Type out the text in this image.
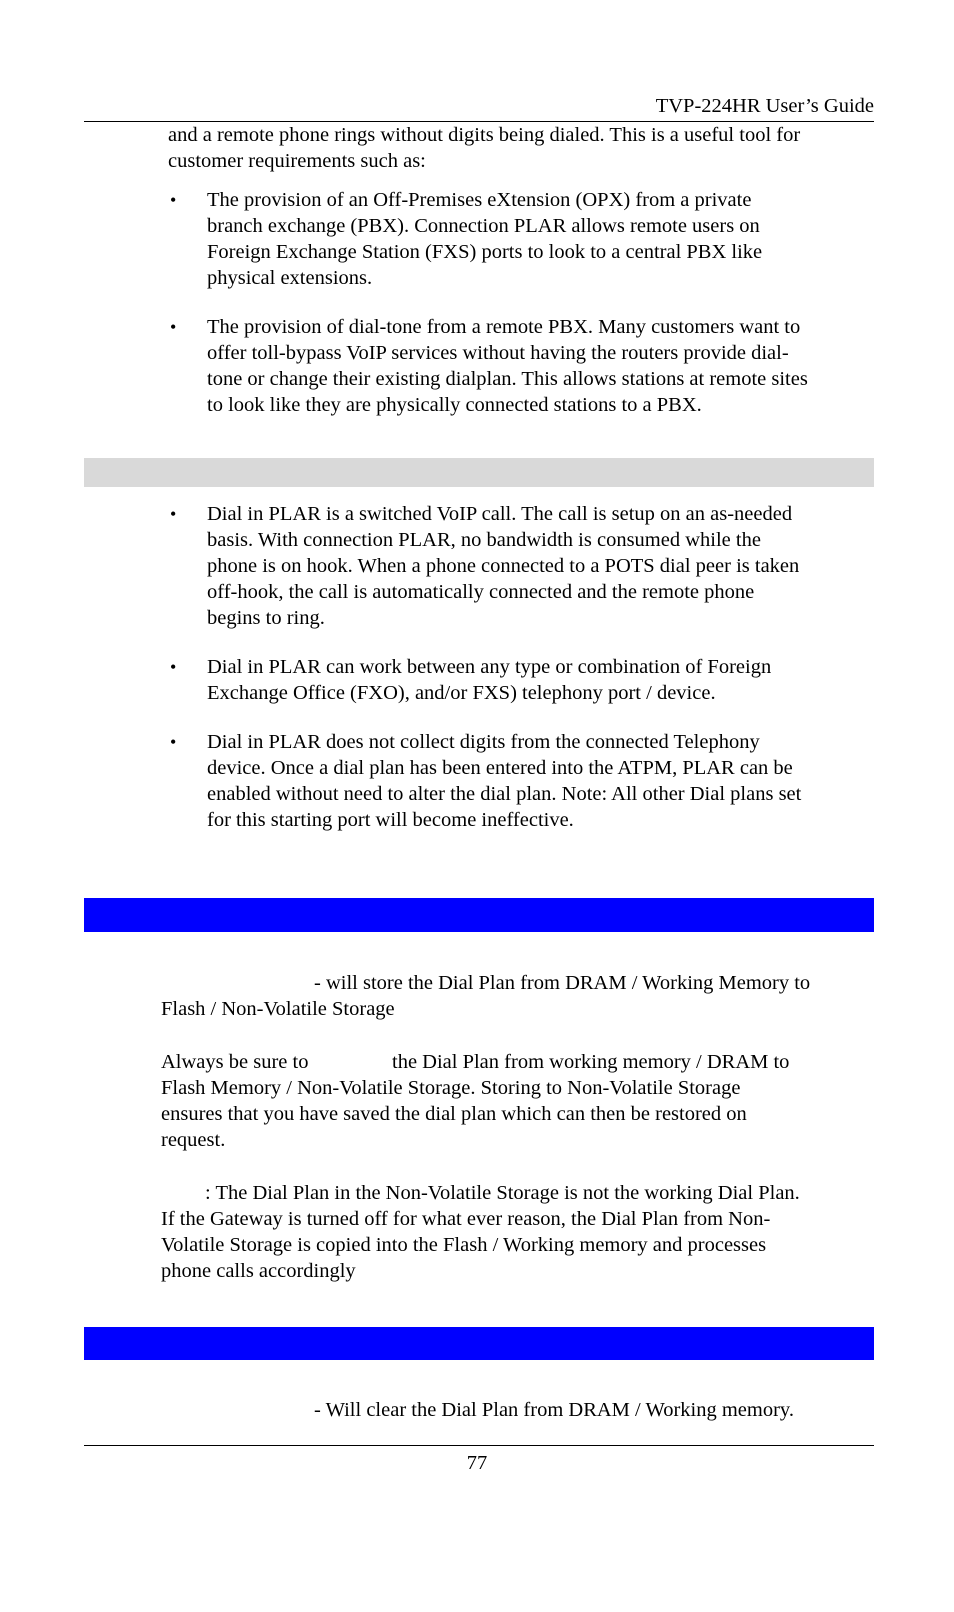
TVP-224HR User’s Guide
and a remote phone rings without digits being dialed. This is a useful tool for
customer requirements such as:
• The provision of an Off-Premises eXtension (OPX) from a private
branch exchange (PBX). Connection PLAR allows remote users on
Foreign Exchange Station (FXS) ports to look to a central PBX like
physical extensions.
• The provision of dial-tone from a remote PBX. Many customers want to
offer toll-bypass VoIP services without having the routers provide dial-
tone or change their existing dialplan. This allows stations at remote sites
to look like they are physically connected stations to a PBX.
• Dial in PLAR is a switched VoIP call. The call is setup on an as-needed
basis. With connection PLAR, no bandwidth is consumed while the
phone is on hook. When a phone connected to a POTS dial peer is taken
off-hook, the call is automatically connected and the remote phone
begins to ring.
• Dial in PLAR can work between any type or combination of Foreign
Exchange Office (FXO), and/or FXS) telephony port / device.
• Dial in PLAR does not collect digits from the connected Telephony
device. Once a dial plan has been entered into the ATPM, PLAR can be
enabled without need to alter the dial plan. Note: All other Dial plans set
for this starting port will become ineffective.
- will store the Dial Plan from DRAM / Working Memory to
Flash / Non-Volatile Storage
Always be sure to	the Dial Plan from working memory / DRAM to
Flash Memory / Non-Volatile Storage. Storing to Non-Volatile Storage
ensures that you have saved the dial plan which can then be restored on
request.
: The Dial Plan in the Non-Volatile Storage is not the working Dial Plan.
If the Gateway is turned off for what ever reason, the Dial Plan from Non-
Volatile Storage is copied into the Flash / Working memory and processes
phone calls accordingly
- Will clear the Dial Plan from DRAM / Working memory.
77
